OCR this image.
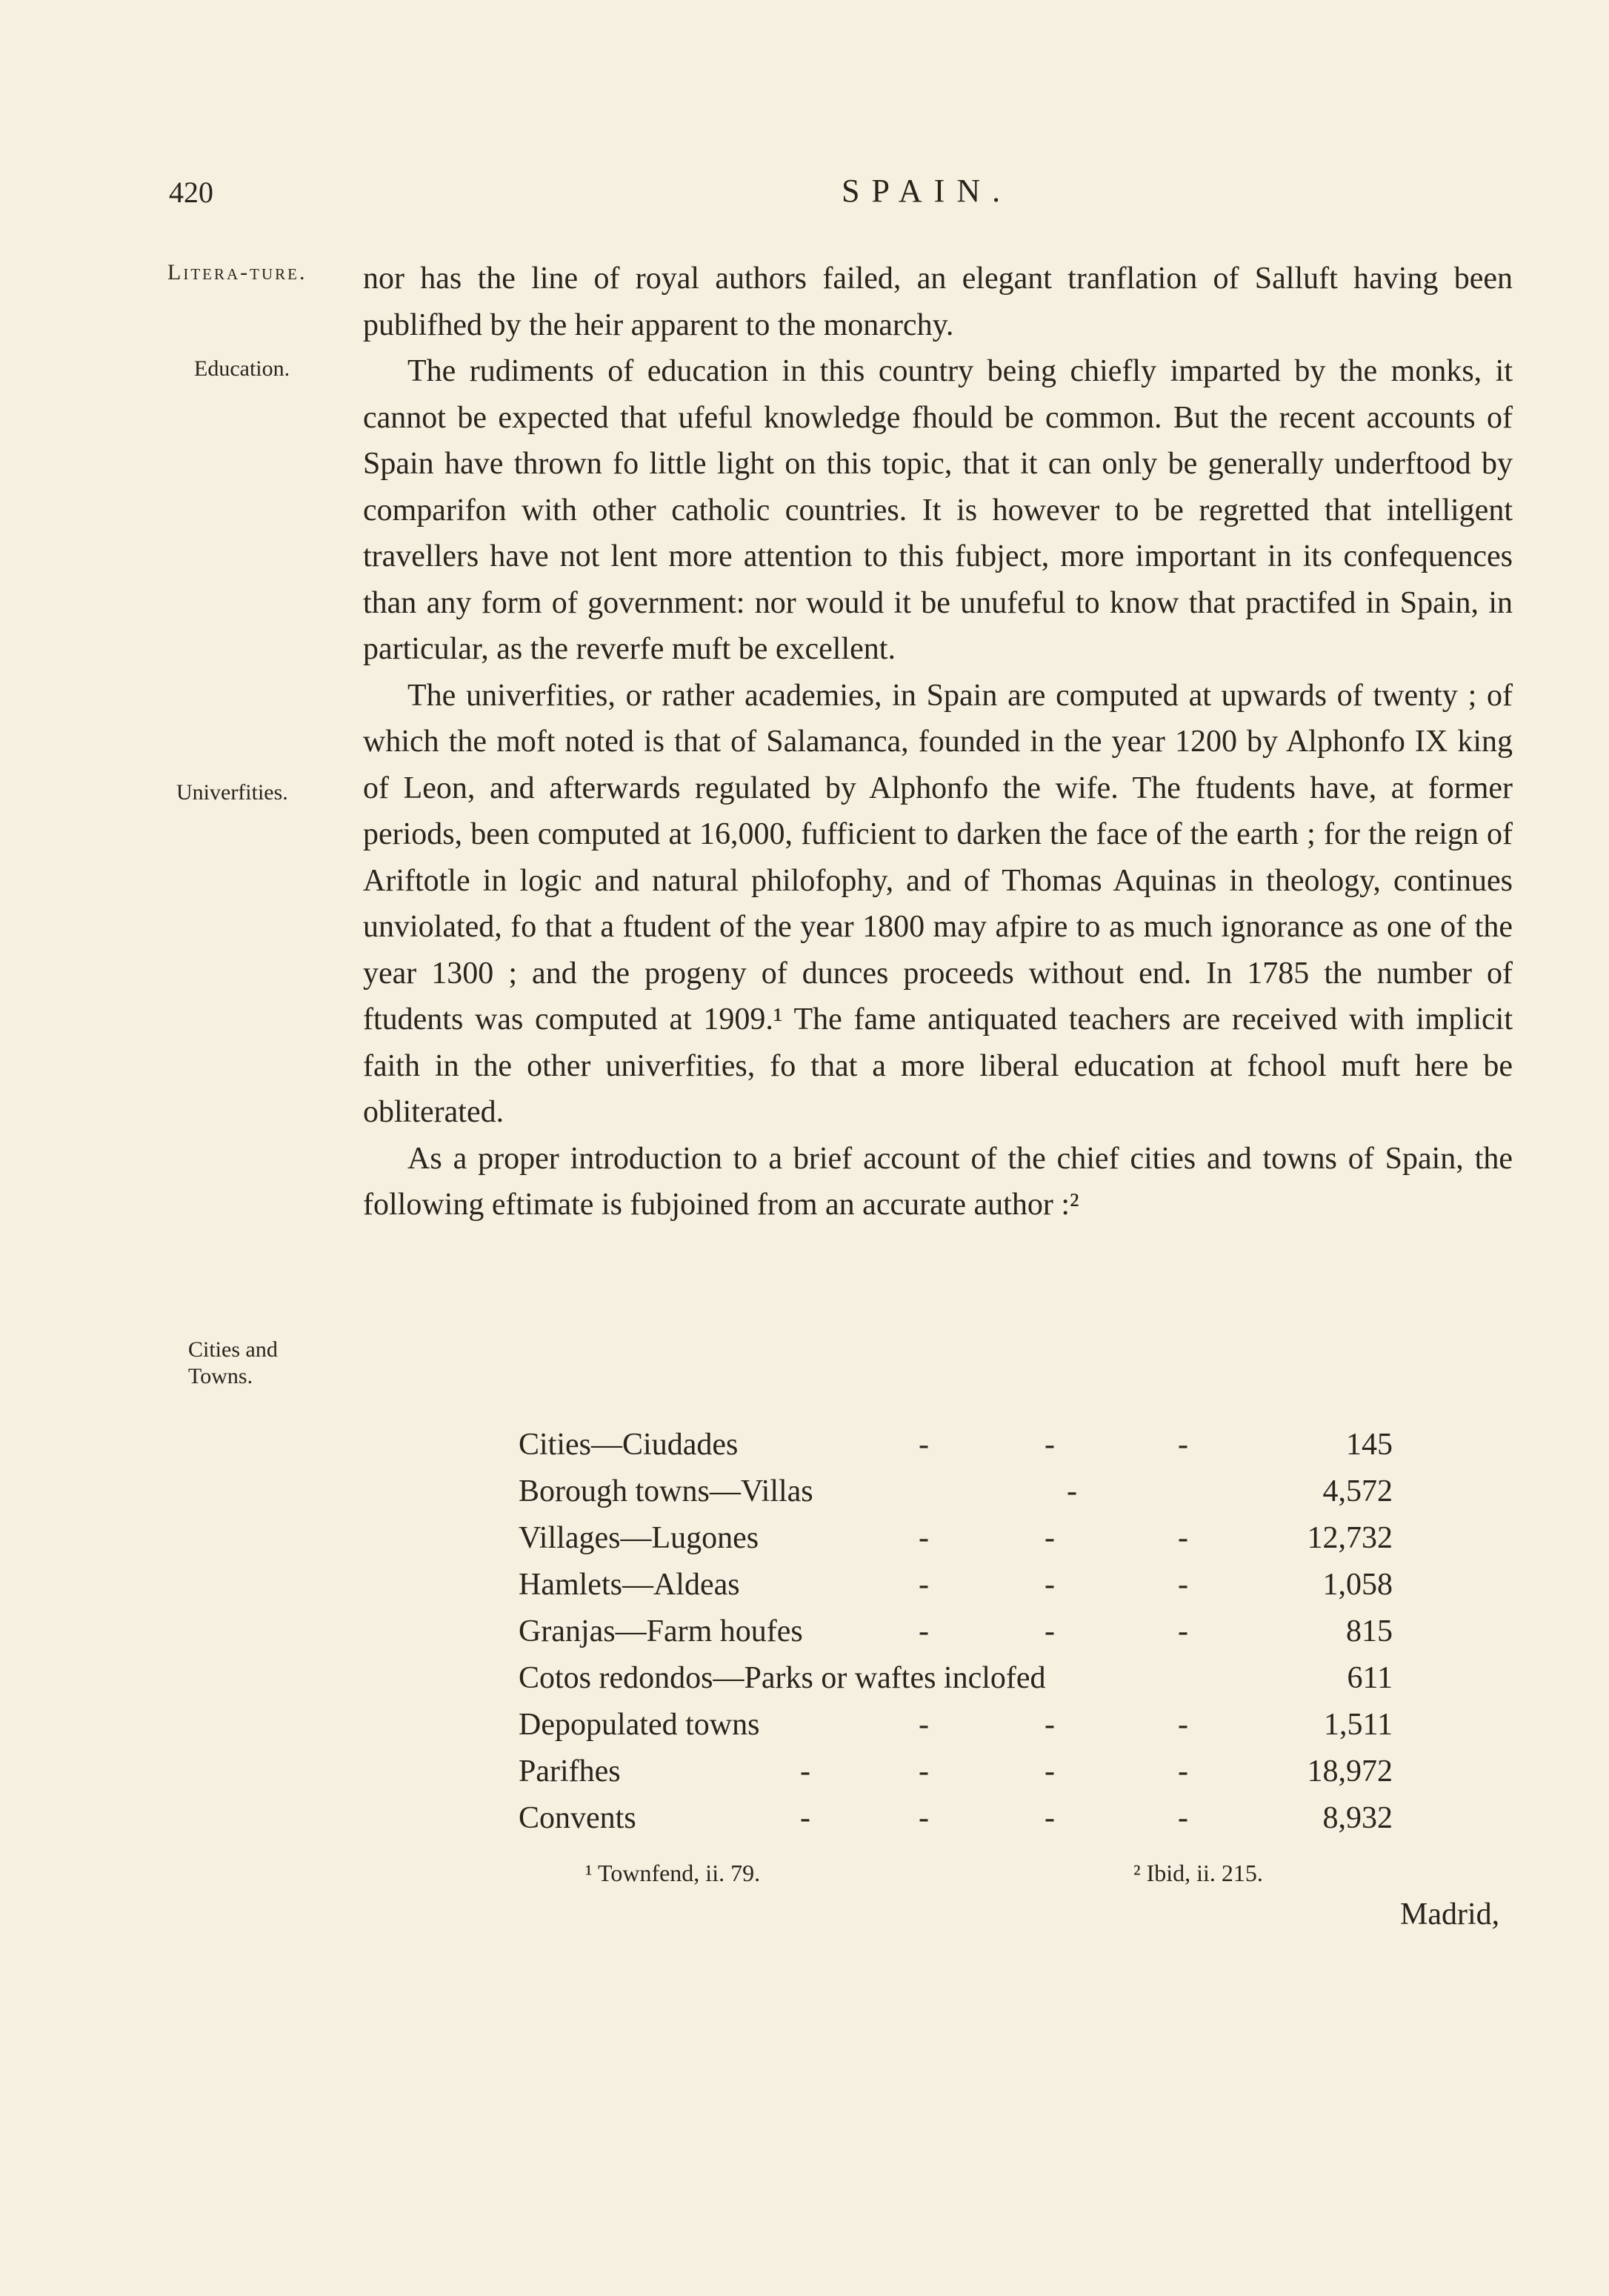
420	SPAIN.
Litera-ture.
Education.
Univerfities.
Cities and Towns.

nor has the line of royal authors failed, an elegant tranflation of Salluft having been publifhed by the heir apparent to the monarchy.

The rudiments of education in this country being chiefly imparted by the monks, it cannot be expected that ufeful knowledge fhould be common. But the recent accounts of Spain have thrown fo little light on this topic, that it can only be generally underftood by comparifon with other catholic countries. It is however to be regretted that intelligent travellers have not lent more attention to this fubject, more important in its confequences than any form of government: nor would it be unufeful to know that practifed in Spain, in particular, as the reverfe muft be excellent.

The univerfities, or rather academies, in Spain are computed at upwards of twenty ; of which the moft noted is that of Salamanca, founded in the year 1200 by Alphonfo IX king of Leon, and afterwards regulated by Alphonfo the wife. The ftudents have, at former periods, been computed at 16,000, fufficient to darken the face of the earth ; for the reign of Ariftotle in logic and natural philofophy, and of Thomas Aquinas in theology, continues unviolated, fo that a ftudent of the year 1800 may afpire to as much ignorance as one of the year 1300 ; and the progeny of dunces proceeds without end. In 1785 the number of ftudents was computed at 1909.¹ The fame antiquated teachers are received with implicit faith in the other univerfities, fo that a more liberal education at fchool muft here be obliterated.

As a proper introduction to a brief account of the chief cities and towns of Spain, the following eftimate is fubjoined from an accurate author :²

Cities—Ciudades	-	-	-	145
Borough towns—Villas	-	4,572
Villages—Lugones	-	-	-	12,732
Hamlets—Aldeas	-	-	-	1,058
Granjas—Farm houfes	-	-	-	815
Cotos redondos—Parks or waftes inclofed	611
Depopulated towns	-	-	-	1,511
Parifhes	-	-	-	-	18,972
Convents	-	-	-	-	8,932
¹ Townfend, ii. 79.	² Ibid, ii. 215.
Madrid,
